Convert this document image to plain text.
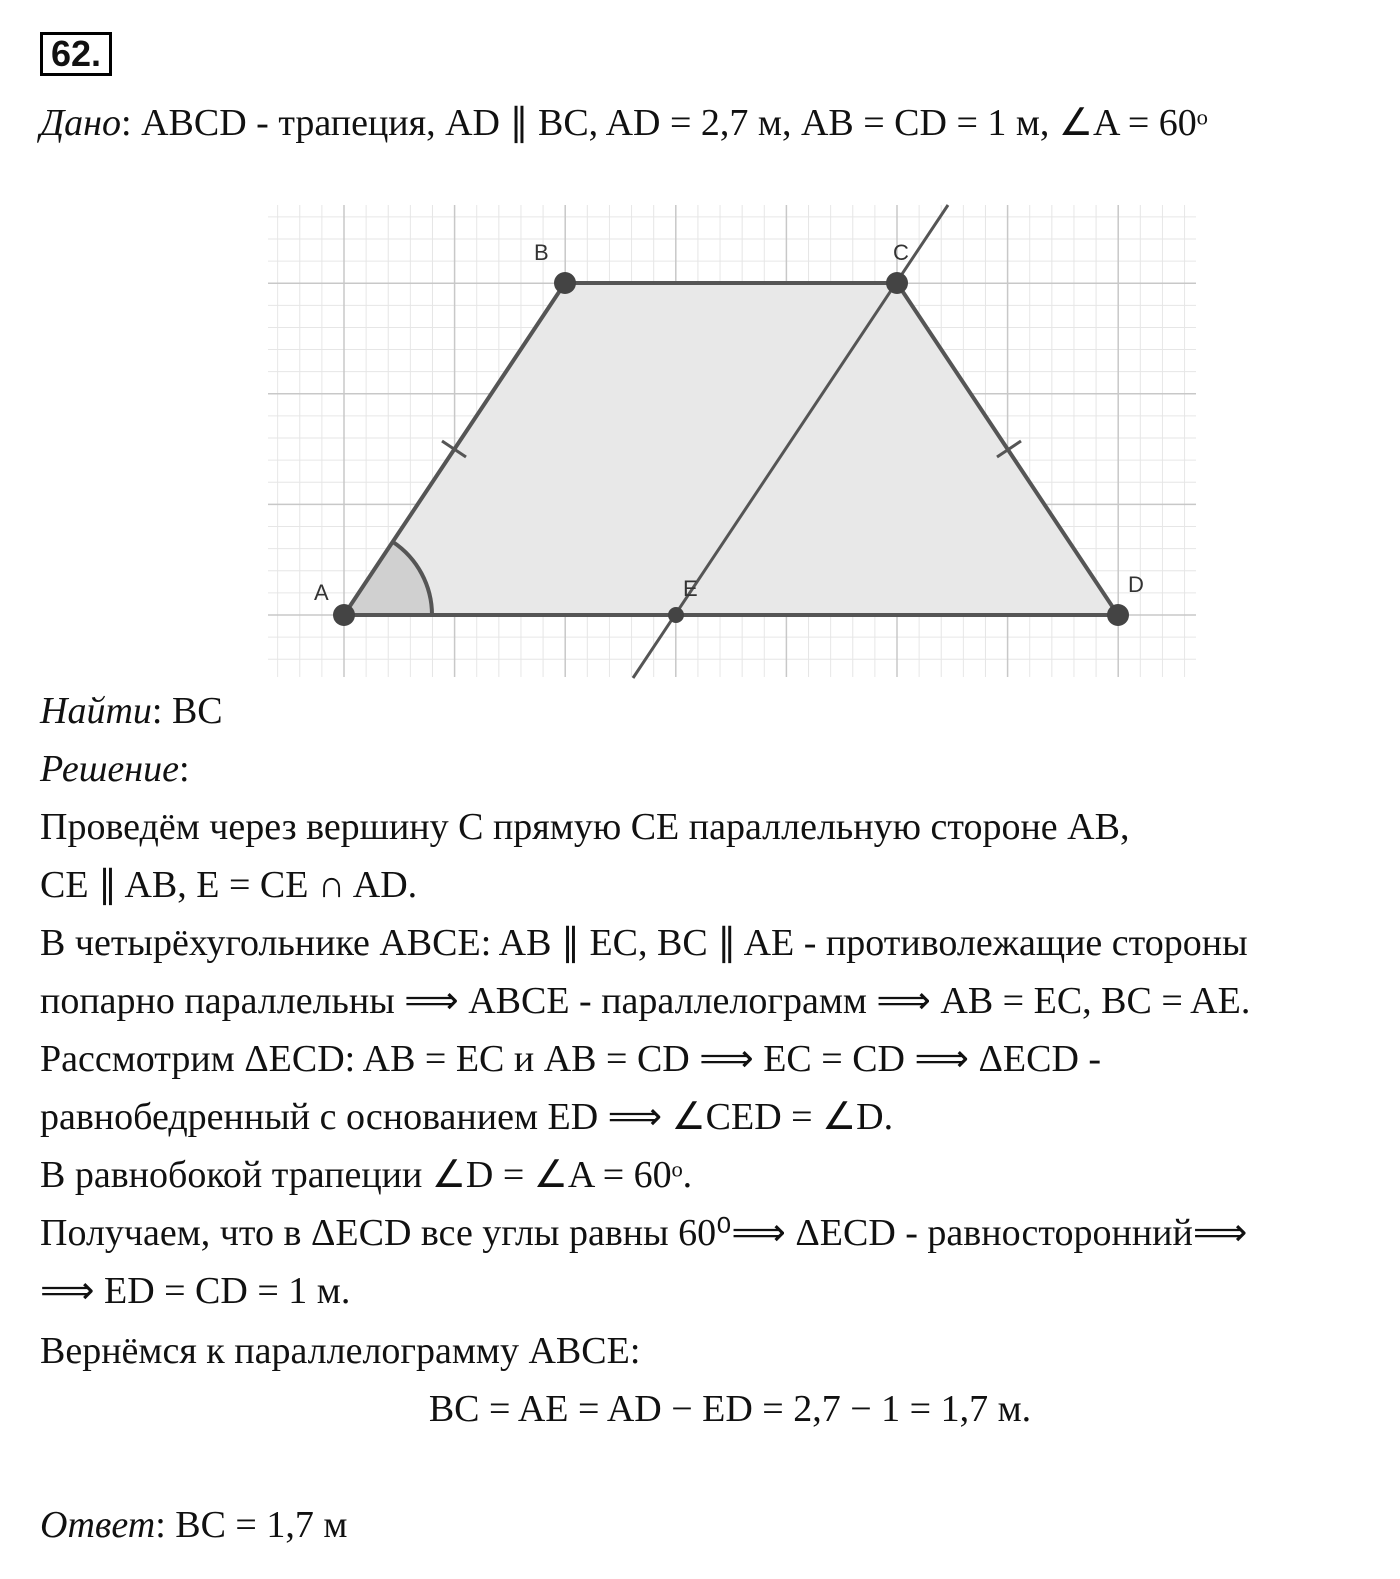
62.
Дано: ABCD - трапеция, AD ∥ BC, AD = 2,7 м, AB = CD = 1 м, ∠A = 60ᵒ
A
B	C
D
E
Найти: BC
Решение:
Проведём через вершину C прямую CE параллельную стороне AB,
CE ∥ AB, E = CE ∩ AD.
В четырёхугольнике ABCE: AB ∥ EC, BC ∥ AE - противолежащие стороны
попарно параллельны ⟹ ABCE - параллелограмм ⟹ AB = EC, BC = AE.
Рассмотрим ΔECD: AB = EC и AB = CD ⟹ EC = CD ⟹ ΔECD -
равнобедренный с основанием ED ⟹ ∠CED = ∠D.
В равнобокой трапеции ∠D = ∠A = 60ᵒ.
Получаем, что в ΔECD все углы равны 60⁰⟹ ΔECD - равносторонний⟹
⟹ ED = CD = 1 м.
Вернёмся к параллелограмму ABCE:
BC = AE = AD − ED = 2,7 − 1 = 1,7 м.
Ответ: BC = 1,7 м
